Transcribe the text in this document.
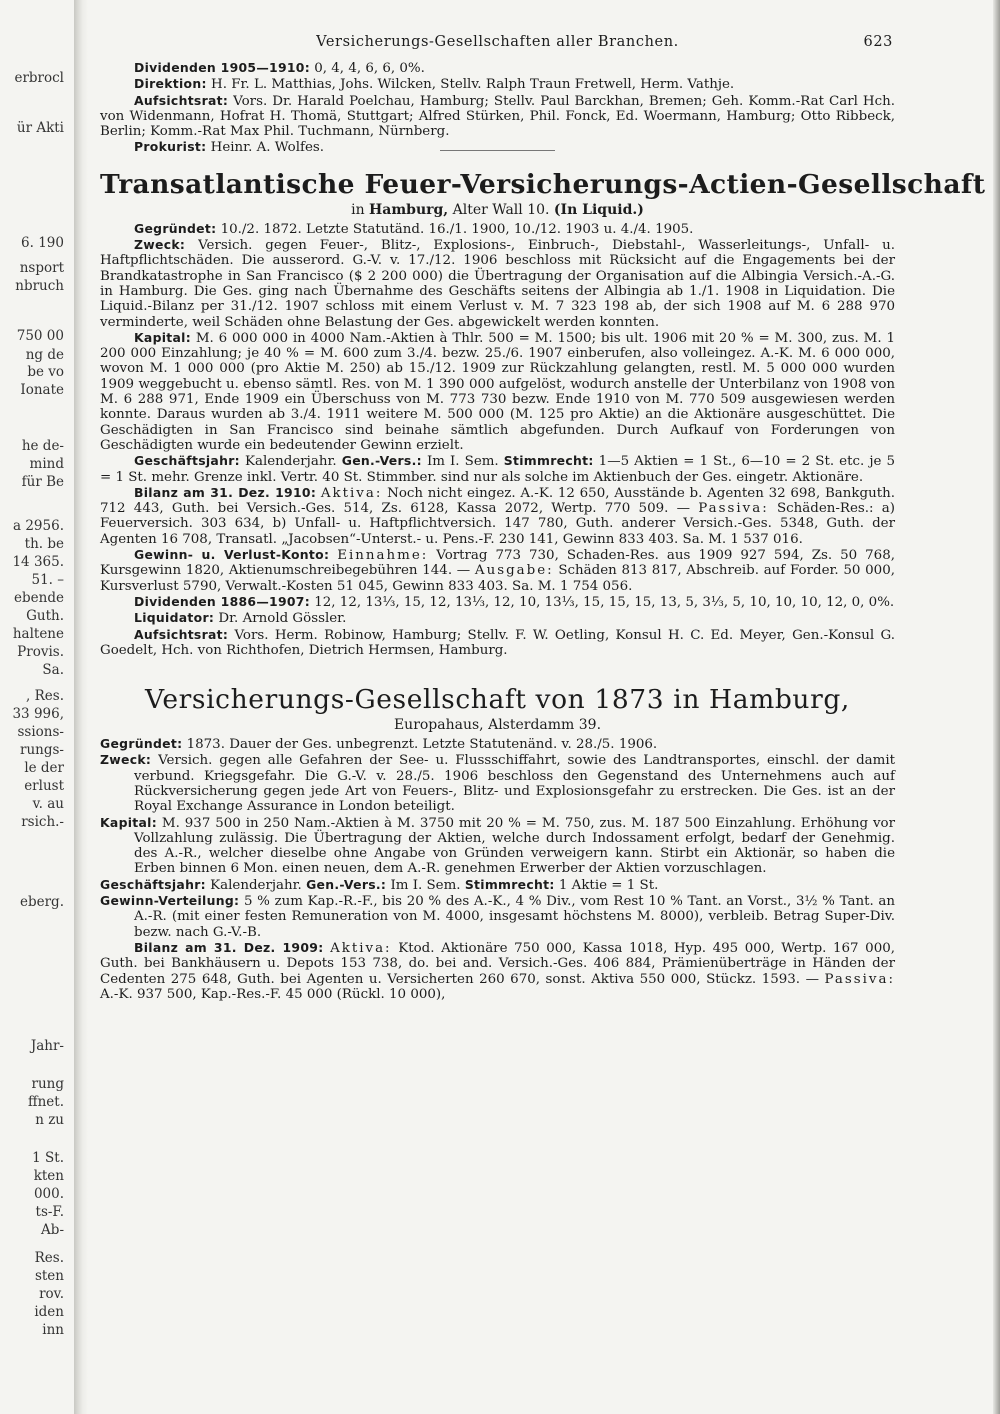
erbrocl
ür Akti
6. 190
nsport
nbruch
750 00
ng de
be vo
Ionate
he de-
mind
für Be
a 2956.
th. be
14 365.
51. –
ebende
Guth.
haltene
Provis.
Sa.
, Res.
33 996,
ssions-
rungs-
le der
erlust
v. au
rsich.-
eberg.
Jahr-
rung
ffnet.
n zu
1 St.
kten
000.
ts-F.
Ab-
Res.
sten
rov.
iden
inn
Versicherungs-Gesellschaften aller Branchen.	623

Dividenden 1905—1910: 0, 4, 4, 6, 6, 0%.

Direktion: H. Fr. L. Matthias, Johs. Wilcken, Stellv. Ralph Traun Fretwell, Herm. Vathje.

Aufsichtsrat: Vors. Dr. Harald Poelchau, Hamburg; Stellv. Paul Barckhan, Bremen; Geh. Komm.-Rat Carl Hch. von Widenmann, Hofrat H. Thomä, Stuttgart; Alfred Stürken, Phil. Fonck, Ed. Woermann, Hamburg; Otto Ribbeck, Berlin; Komm.-Rat Max Phil. Tuchmann, Nürnberg.

Prokurist: Heinr. A. Wolfes.

Transatlantische Feuer-Versicherungs-Actien-Gesellschaft
in Hamburg, Alter Wall 10. (In Liquid.)

Gegründet: 10./2. 1872. Letzte Statutänd. 16./1. 1900, 10./12. 1903 u. 4./4. 1905.

Zweck: Versich. gegen Feuer-, Blitz-, Explosions-, Einbruch-, Diebstahl-, Wasserleitungs-, Unfall- u. Haftpflichtschäden. Die ausserord. G.-V. v. 17./12. 1906 beschloss mit Rücksicht auf die Engagements bei der Brandkatastrophe in San Francisco ($ 2 200 000) die Übertragung der Organisation auf die Albingia Versich.-A.-G. in Hamburg. Die Ges. ging nach Übernahme des Geschäfts seitens der Albingia ab 1./1. 1908 in Liquidation. Die Liquid.-Bilanz per 31./12. 1907 schloss mit einem Verlust v. M. 7 323 198 ab, der sich 1908 auf M. 6 288 970 verminderte, weil Schäden ohne Belastung der Ges. abgewickelt werden konnten.

Kapital: M. 6 000 000 in 4000 Nam.-Aktien à Thlr. 500 = M. 1500; bis ult. 1906 mit 20 % = M. 300, zus. M. 1 200 000 Einzahlung; je 40 % = M. 600 zum 3./4. bezw. 25./6. 1907 einberufen, also volleingez. A.-K. M. 6 000 000, wovon M. 1 000 000 (pro Aktie M. 250) ab 15./12. 1909 zur Rückzahlung gelangten, restl. M. 5 000 000 wurden 1909 weggebucht u. ebenso sämtl. Res. von M. 1 390 000 aufgelöst, wodurch anstelle der Unterbilanz von 1908 von M. 6 288 971, Ende 1909 ein Überschuss von M. 773 730 bezw. Ende 1910 von M. 770 509 ausgewiesen werden konnte. Daraus wurden ab 3./4. 1911 weitere M. 500 000 (M. 125 pro Aktie) an die Aktionäre ausgeschüttet. Die Geschädigten in San Francisco sind beinahe sämtlich abgefunden. Durch Aufkauf von Forderungen von Geschädigten wurde ein bedeutender Gewinn erzielt.

Geschäftsjahr: Kalenderjahr. Gen.-Vers.: Im I. Sem. Stimmrecht: 1—5 Aktien = 1 St., 6—10 = 2 St. etc. je 5 = 1 St. mehr. Grenze inkl. Vertr. 40 St. Stimmber. sind nur als solche im Aktienbuch der Ges. eingetr. Aktionäre.

Bilanz am 31. Dez. 1910: Aktiva: Noch nicht eingez. A.-K. 12 650, Ausstände b. Agenten 32 698, Bankguth. 712 443, Guth. bei Versich.-Ges. 514, Zs. 6128, Kassa 2072, Wertp. 770 509. — Passiva: Schäden-Res.: a) Feuerversich. 303 634, b) Unfall- u. Haftpflichtversich. 147 780, Guth. anderer Versich.-Ges. 5348, Guth. der Agenten 16 708, Transatl. „Jacobsen“-Unterst.- u. Pens.-F. 230 141, Gewinn 833 403. Sa. M. 1 537 016.

Gewinn- u. Verlust-Konto: Einnahme: Vortrag 773 730, Schaden-Res. aus 1909 927 594, Zs. 50 768, Kursgewinn 1820, Aktienumschreibegebühren 144. — Ausgabe: Schäden 813 817, Abschreib. auf Forder. 50 000, Kursverlust 5790, Verwalt.-Kosten 51 045, Gewinn 833 403. Sa. M. 1 754 056.

Dividenden 1886—1907: 12, 12, 13⅓, 15, 12, 13⅓, 12, 10, 13⅓, 15, 15, 15, 13, 5, 3⅓, 5, 10, 10, 10, 12, 0, 0%.

Liquidator: Dr. Arnold Gössler.

Aufsichtsrat: Vors. Herm. Robinow, Hamburg; Stellv. F. W. Oetling, Konsul H. C. Ed. Meyer, Gen.-Konsul G. Goedelt, Hch. von Richthofen, Dietrich Hermsen, Hamburg.

Versicherungs-Gesellschaft von 1873 in Hamburg,
Europahaus, Alsterdamm 39.

Gegründet: 1873. Dauer der Ges. unbegrenzt. Letzte Statutenänd. v. 28./5. 1906.

Zweck: Versich. gegen alle Gefahren der See- u. Flussschiffahrt, sowie des Landtransportes, einschl. der damit verbund. Kriegsgefahr. Die G.-V. v. 28./5. 1906 beschloss den Gegenstand des Unternehmens auch auf Rückversicherung gegen jede Art von Feuers-, Blitz- und Explosionsgefahr zu erstrecken. Die Ges. ist an der Royal Exchange Assurance in London beteiligt.

Kapital: M. 937 500 in 250 Nam.-Aktien à M. 3750 mit 20 % = M. 750, zus. M. 187 500 Einzahlung. Erhöhung vor Vollzahlung zulässig. Die Übertragung der Aktien, welche durch Indossament erfolgt, bedarf der Genehmig. des A.-R., welcher dieselbe ohne Angabe von Gründen verweigern kann. Stirbt ein Aktionär, so haben die Erben binnen 6 Mon. einen neuen, dem A.-R. genehmen Erwerber der Aktien vorzuschlagen.

Geschäftsjahr: Kalenderjahr. Gen.-Vers.: Im I. Sem. Stimmrecht: 1 Aktie = 1 St.

Gewinn-Verteilung: 5 % zum Kap.-R.-F., bis 20 % des A.-K., 4 % Div., vom Rest 10 % Tant. an Vorst., 3½ % Tant. an A.-R. (mit einer festen Remuneration von M. 4000, insgesamt höchstens M. 8000), verbleib. Betrag Super-Div. bezw. nach G.-V.-B.

Bilanz am 31. Dez. 1909: Aktiva: Ktod. Aktionäre 750 000, Kassa 1018, Hyp. 495 000, Wertp. 167 000, Guth. bei Bankhäusern u. Depots 153 738, do. bei and. Versich.-Ges. 406 884, Prämienüberträge in Händen der Cedenten 275 648, Guth. bei Agenten u. Versicherten 260 670, sonst. Aktiva 550 000, Stückz. 1593. — Passiva: A.-K. 937 500, Kap.-Res.-F. 45 000 (Rückl. 10 000),
